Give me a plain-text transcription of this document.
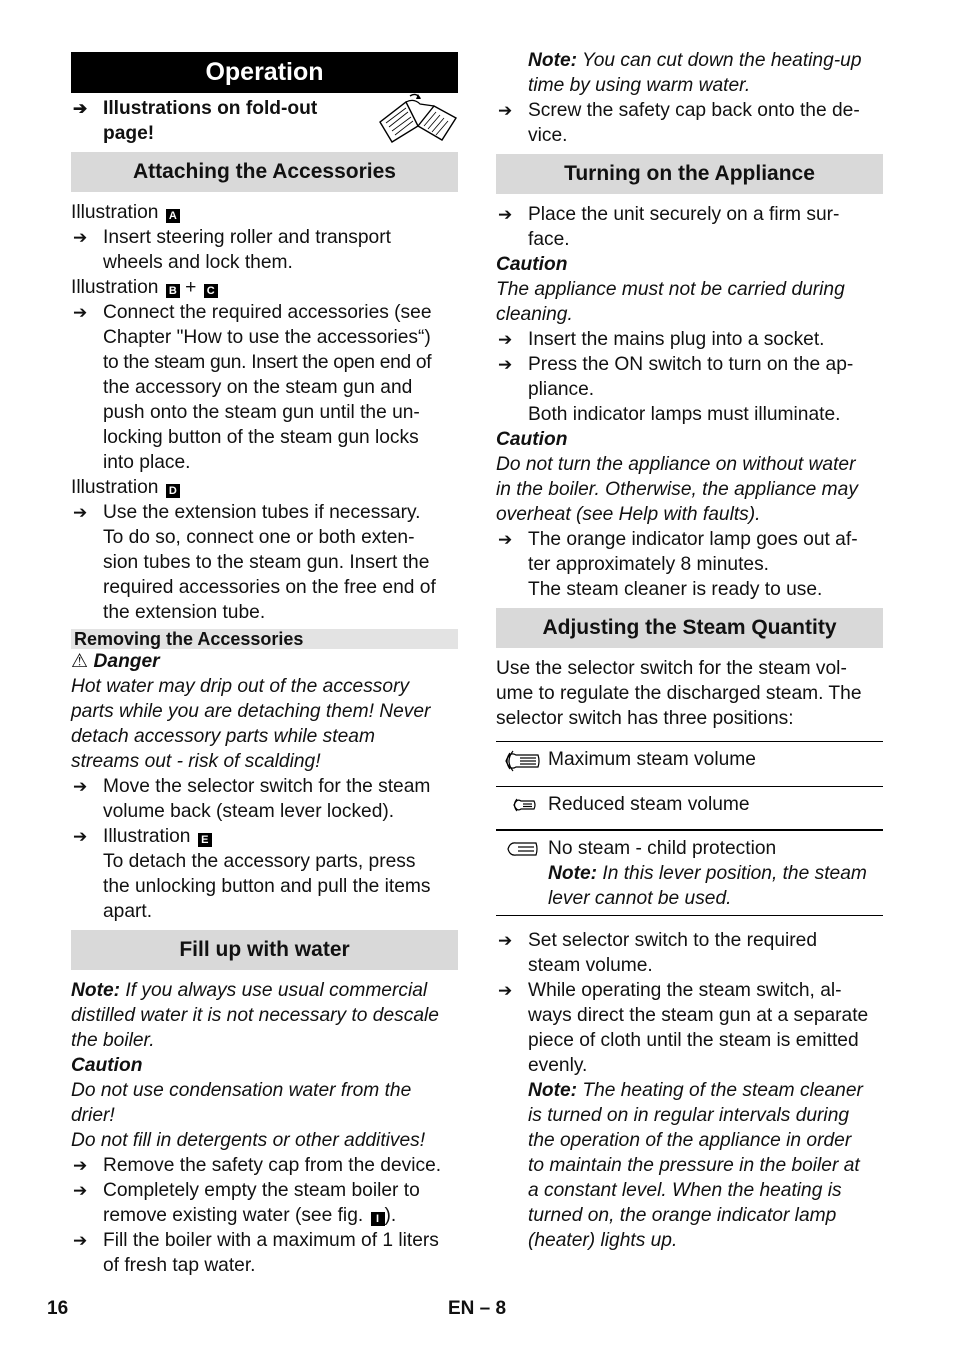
Operation
➔ Illustrations on fold-out
page!
Attaching the Accessories
Illustration A
➔ Insert steering roller and transport
wheels and lock them.
Illustration B + C
➔ Connect the required accessories (see
Chapter "How to use the accessories“)
to the steam gun. Insert the open end of
the accessory on the steam gun and
push onto the steam gun until the un-
locking button of the steam gun locks
into place.
Illustration D
➔ Use the extension tubes if necessary.
To do so, connect one or both exten-
sion tubes to the steam gun. Insert the
required accessories on the free end of
the extension tube.
Removing the Accessories
⚠ Danger
Hot water may drip out of the accessory
parts while you are detaching them! Never
detach accessory parts while steam
streams out - risk of scalding!
➔ Move the selector switch for the steam
volume back (steam lever locked).
➔ Illustration E
To detach the accessory parts, press
the unlocking button and pull the items
apart.
Fill up with water
Note: If you always use usual commercial
distilled water it is not necessary to descale
the boiler.
Caution
Do not use condensation water from the
drier!
Do not fill in detergents or other additives!
➔ Remove the safety cap from the device.
➔ Completely empty the steam boiler to
remove existing water (see fig. I ).
➔ Fill the boiler with a maximum of 1 liters
of fresh tap water.
Note: You can cut down the heating-up
time by using warm water.
➔ Screw the safety cap back onto the de-
vice.
Turning on the Appliance
➔ Place the unit securely on a firm sur-
face.
Caution
The appliance must not be carried during
cleaning.
➔ Insert the mains plug into a socket.
➔ Press the ON switch to turn on the ap-
pliance.
Both indicator lamps must illuminate.
Caution
Do not turn the appliance on without water
in the boiler. Otherwise, the appliance may
overheat (see Help with faults).
➔ The orange indicator lamp goes out af-
ter approximately 8 minutes.
The steam cleaner is ready to use.
Adjusting the Steam Quantity
Use the selector switch for the steam vol-
ume to regulate the discharged steam. The
selector switch has three positions:
	Maximum steam volume
	Reduced steam volume

No steam - child protection
Note: In this lever position, the steam
lever cannot be used.
➔ Set selector switch to the required
steam volume.
➔ While operating the steam switch, al-
ways direct the steam gun at a separate
piece of cloth until the steam is emitted
evenly.
Note: The heating of the steam cleaner
is turned on in regular intervals during
the operation of the appliance in order
to maintain the pressure in the boiler at
a constant level. When the heating is
turned on, the orange indicator lamp
(heater) lights up.
16	EN – 8
